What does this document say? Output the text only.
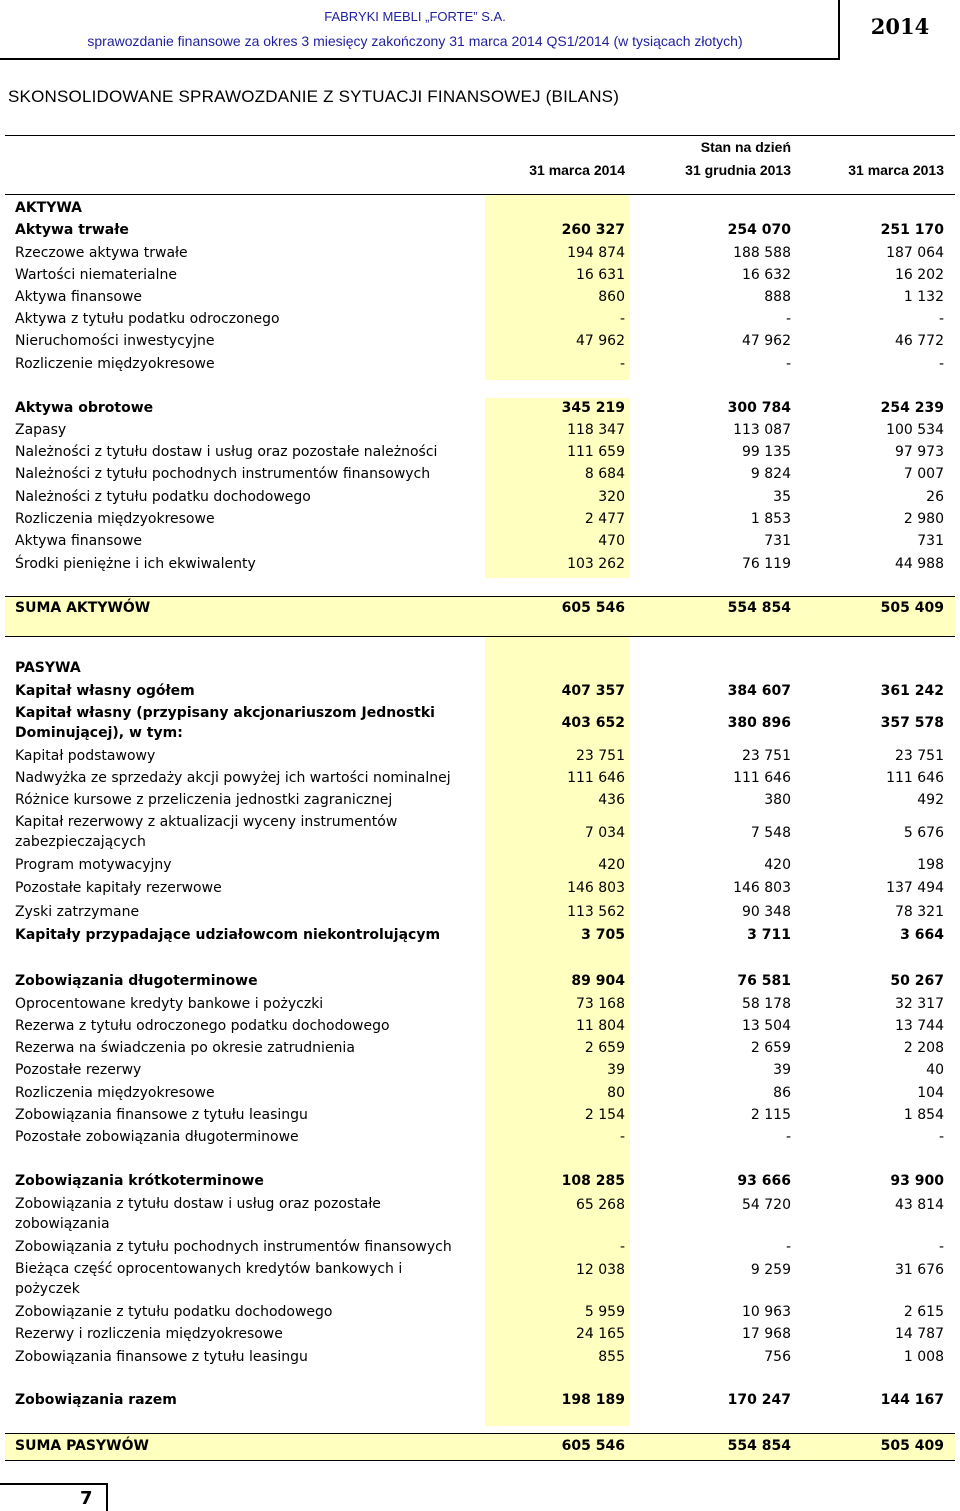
FABRYKI MEBLI „FORTE” S.A.
sprawozdanie finansowe za okres 3 miesięcy zakończony 31 marca 2014 QS1/2014 (w tysiącach złotych)
2014
SKONSOLIDOWANE SPRAWOZDANIE Z SYTUACJI FINANSOWEJ (BILANS)
Stan na dzień
31 marca 2014	31 grudnia 2013	31 marca 2013
AKTYWA
Aktywa trwałe	260 327	254 070	251 170
Rzeczowe aktywa trwałe	194 874	188 588	187 064
Wartości niematerialne	16 631	16 632	16 202
Aktywa finansowe	860	888	1 132
Aktywa z tytułu podatku odroczonego	-	-	-
Nieruchomości inwestycyjne	47 962	47 962	46 772
Rozliczenie międzyokresowe	-	-	-
Aktywa obrotowe	345 219	300 784	254 239
Zapasy	118 347	113 087	100 534
Należności z tytułu dostaw i usług oraz pozostałe należności	111 659	99 135	97 973
Należności z tytułu pochodnych instrumentów finansowych	8 684	9 824	7 007
Należności z tytułu podatku dochodowego	320	35	26
Rozliczenia międzyokresowe	2 477	1 853	2 980
Aktywa finansowe	470	731	731
Środki pieniężne i ich ekwiwalenty	103 262	76 119	44 988
SUMA AKTYWÓW	605 546	554 854	505 409
PASYWA
Kapitał własny ogółem	407 357	384 607	361 242
Kapitał własny (przypisany akcjonariuszom Jednostki Dominującej), w tym:
403 652	380 896	357 578
Kapitał podstawowy	23 751	23 751	23 751
Nadwyżka ze sprzedaży akcji powyżej ich wartości nominalnej	111 646	111 646	111 646
Różnice kursowe z przeliczenia jednostki zagranicznej	436	380	492
Kapitał rezerwowy z aktualizacji wyceny instrumentów zabezpieczających
7 034	7 548	5 676
Program motywacyjny	420	420	198
Pozostałe kapitały rezerwowe	146 803	146 803	137 494
Zyski zatrzymane	113 562	90 348	78 321
Kapitały przypadające udziałowcom niekontrolującym	3 705	3 711	3 664
Zobowiązania długoterminowe	89 904	76 581	50 267
Oprocentowane kredyty bankowe i pożyczki	73 168	58 178	32 317
Rezerwa z tytułu odroczonego podatku dochodowego	11 804	13 504	13 744
Rezerwa na świadczenia po okresie zatrudnienia	2 659	2 659	2 208
Pozostałe rezerwy	39	39	40
Rozliczenia międzyokresowe	80	86	104
Zobowiązania finansowe z tytułu leasingu	2 154	2 115	1 854
Pozostałe zobowiązania długoterminowe	-	-	-
Zobowiązania krótkoterminowe	108 285	93 666	93 900
Zobowiązania z tytułu dostaw i usług oraz pozostałe zobowiązania
65 268	54 720	43 814
Zobowiązania z tytułu pochodnych instrumentów finansowych	-	-	-
Bieżąca część oprocentowanych kredytów bankowych i pożyczek
12 038	9 259	31 676
Zobowiązanie z tytułu podatku dochodowego	5 959	10 963	2 615
Rezerwy i rozliczenia międzyokresowe	24 165	17 968	14 787
Zobowiązania finansowe z tytułu leasingu	855	756	1 008
Zobowiązania razem	198 189	170 247	144 167
SUMA PASYWÓW	605 546	554 854	505 409
7
